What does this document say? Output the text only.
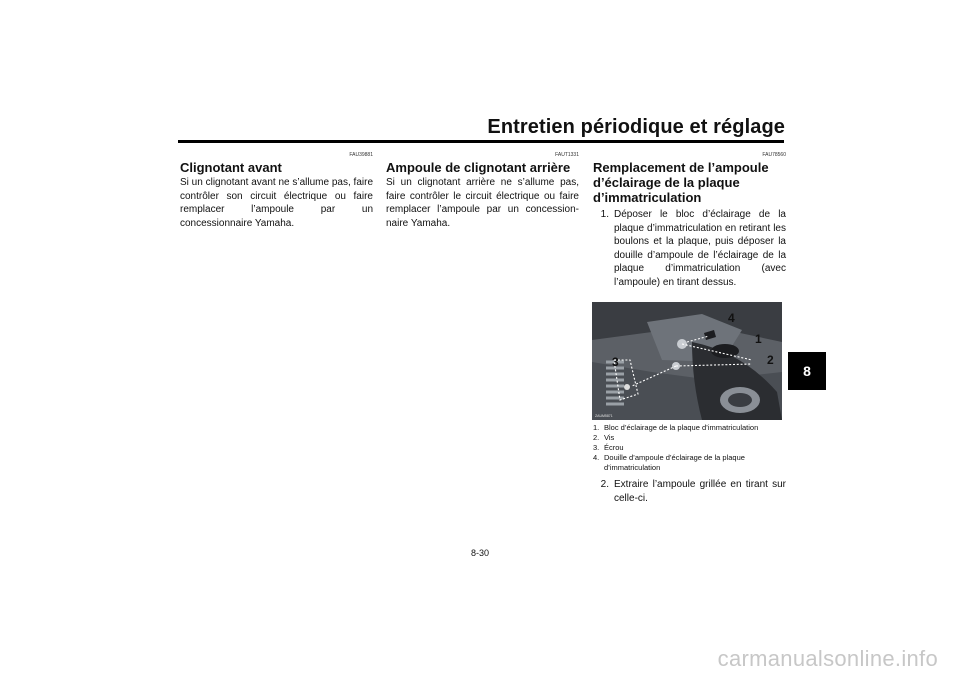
Entretien périodique et réglage
8
FAU39881
Clignotant avant
Si un clignotant avant ne s’allume pas, faire contrôler son circuit électrique ou faire remplacer l’ampoule par un concessionnaire Yamaha.
FAUT1331
Ampoule de clignotant arrière
Si un clignotant arrière ne s’allume pas, faire contrôler le circuit électrique ou faire remplacer l’ampoule par un concessionnaire Yamaha.
FAU78560
Remplacement de l’ampoule d’éclairage de la plaque d’immatriculation
1. Déposer le bloc d’éclairage de la plaque d’immatriculation en retirant les boulons et la plaque, puis déposer la douille d’ampoule de l’éclairage de la plaque d’immatriculation (avec l’ampoule) en tirant dessus.
ZAUM5871
4
1
2
3
1. Bloc d’éclairage de la plaque d’immatriculation
2. Vis
3. Écrou
4. Douille d’ampoule d’éclairage de la plaque d’immatriculation
2. Extraire l’ampoule grillée en tirant sur celle-ci.
8-30
carmanualsonline.info
